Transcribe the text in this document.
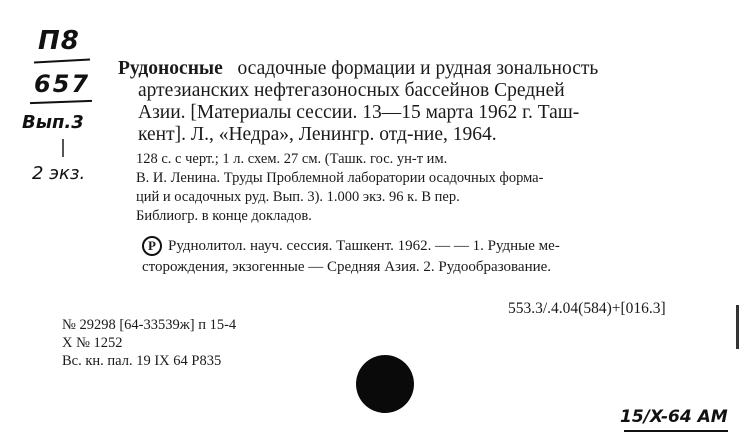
П8
657
Вып.3
2 экз.
Рудоносные осадочные формации и рудная зональность
артезианских нефтегазоносных бассейнов Средней
Азии. [Материалы сессии. 13—15 марта 1962 г. Таш-
кент]. Л., «Недра», Ленингр. отд-ние, 1964.
128 с. с черт.; 1 л. схем. 27 см. (Ташк. гос. ун-т им.
В. И. Ленина. Труды Проблемной лаборатории осадочных форма-
ций и осадочных руд. Вып. 3). 1.000 экз. 96 к. В пер.
Библиогр. в конце докладов.
Р Руднолитол. науч. сессия. Ташкент. 1962. — — 1. Рудные ме-
сторождения, экзогенные — Средняя Азия. 2. Рудообразование.
553.3/.4.04(584)+[016.3]
№ 29298 [64-33539ж] п 15-4
X № 1252
Вс. кн. пал. 19 IX 64 Р835
15/X-64 AM
